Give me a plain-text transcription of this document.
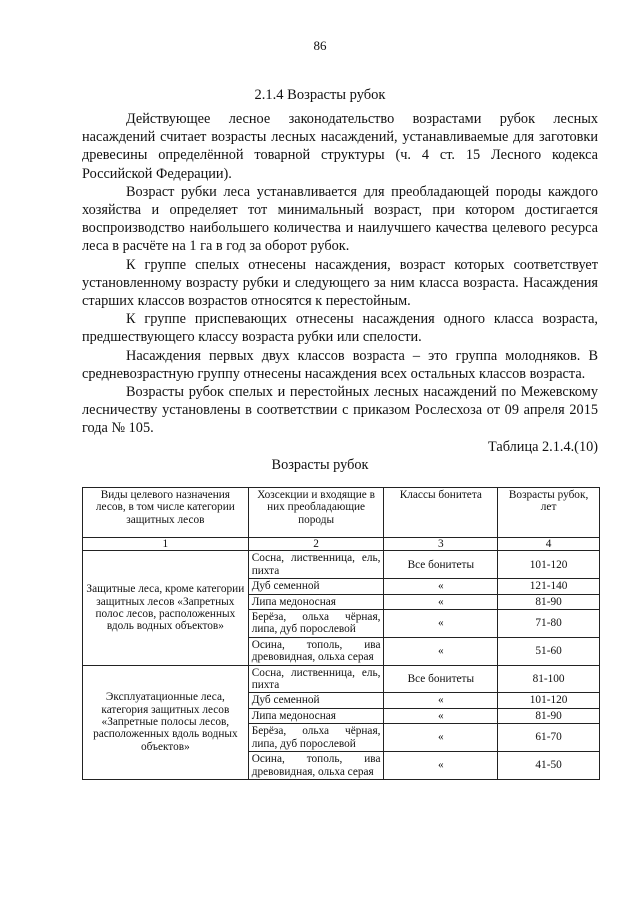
86
2.1.4 Возрасты рубок

Действующее лесное законодательство возрастами рубок лесных насаждений считает возрасты лесных насаждений, устанавливаемые для заготовки древесины определённой товарной структуры (ч. 4 ст. 15 Лесного кодекса Российской Федерации).

Возраст рубки леса устанавливается для преобладающей породы каждого хозяйства и определяет тот минимальный возраст, при котором достигается воспроизводство наибольшего количества и наилучшего качества целевого ресурса леса в расчёте на 1 га в год за оборот рубок.

К группе спелых отнесены насаждения, возраст которых соответствует установленному возрасту рубки и следующего за ним класса возраста. Насаждения старших классов возрастов относятся к перестойным.

К группе приспевающих отнесены насаждения одного класса возраста, предшествующего классу возраста рубки или спелости.

Насаждения первых двух классов возраста – это группа молодняков. В средневозрастную группу отнесены насаждения всех остальных классов возраста.

Возрасты рубок спелых и перестойных лесных насаждений по Межевскому лесничеству установлены в соответствии с приказом Рослесхоза от 09 апреля 2015 года № 105.

Таблица 2.1.4.(10)
Возрасты рубок
Виды целевого назначения лесов, в том числе категории защитных лесов	Хозсекции и входящие в них преобладающие породы	Классы бонитета	Возрасты рубок, лет
1	2	3	4
Защитные леса, кроме категории защитных лесов «Запретных полос лесов, расположенных вдоль водных объектов»	Сосна, лиственница, ель, пихта	Все бонитеты	101-120
	Дуб семенной	«	121-140
	Липа медоносная	«	81-90
	Берёза, ольха чёрная, липа, дуб порослевой	«	71-80
	Осина, тополь, ива древовидная, ольха серая	«	51-60
Эксплуатационные леса, категория защитных лесов «Запретные полосы лесов, расположенных вдоль водных объектов»	Сосна, лиственница, ель, пихта	Все бонитеты	81-100
	Дуб семенной	«	101-120
	Липа медоносная	«	81-90
	Берёза, ольха чёрная, липа, дуб порослевой	«	61-70
	Осина, тополь, ива древовидная, ольха серая	«	41-50
